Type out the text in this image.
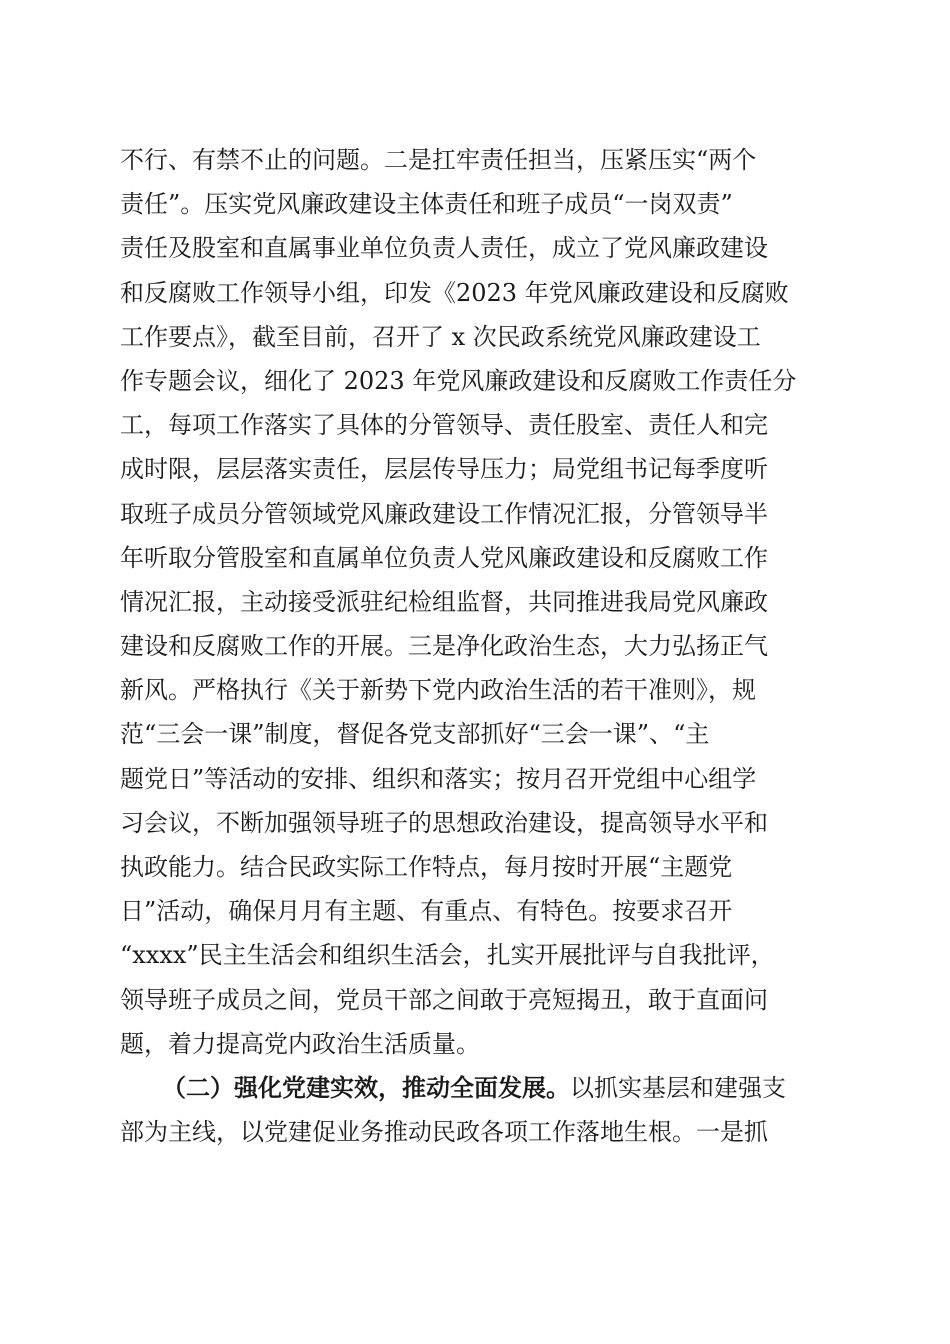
不行、有禁不止的问题。二是扛牢责任担当，压紧压实“两个
责任”。压实党风廉政建设主体责任和班子成员“一岗双责”
责任及股室和直属事业单位负责人责任，成立了党风廉政建设
和反腐败工作领导小组，印发《2023 年党风廉政建设和反腐败
工作要点》，截至目前，召开了 x 次民政系统党风廉政建设工
作专题会议，细化了 2023 年党风廉政建设和反腐败工作责任分
工，每项工作落实了具体的分管领导、责任股室、责任人和完
成时限，层层落实责任，层层传导压力；局党组书记每季度听
取班子成员分管领域党风廉政建设工作情况汇报，分管领导半
年听取分管股室和直属单位负责人党风廉政建设和反腐败工作
情况汇报，主动接受派驻纪检组监督，共同推进我局党风廉政
建设和反腐败工作的开展。三是净化政治生态，大力弘扬正气
新风。严格执行《关于新势下党内政治生活的若干准则》，规
范“三会一课”制度，督促各党支部抓好“三会一课”、“主
题党日”等活动的安排、组织和落实；按月召开党组中心组学
习会议，不断加强领导班子的思想政治建设，提高领导水平和
执政能力。结合民政实际工作特点，每月按时开展“主题党
日”活动，确保月月有主题、有重点、有特色。按要求召开
“xxxx”民主生活会和组织生活会，扎实开展批评与自我批评，
领导班子成员之间，党员干部之间敢于亮短揭丑，敢于直面问
题，着力提高党内政治生活质量。
（二）强化党建实效，推动全面发展。以抓实基层和建强支
部为主线，以党建促业务推动民政各项工作落地生根。一是抓
